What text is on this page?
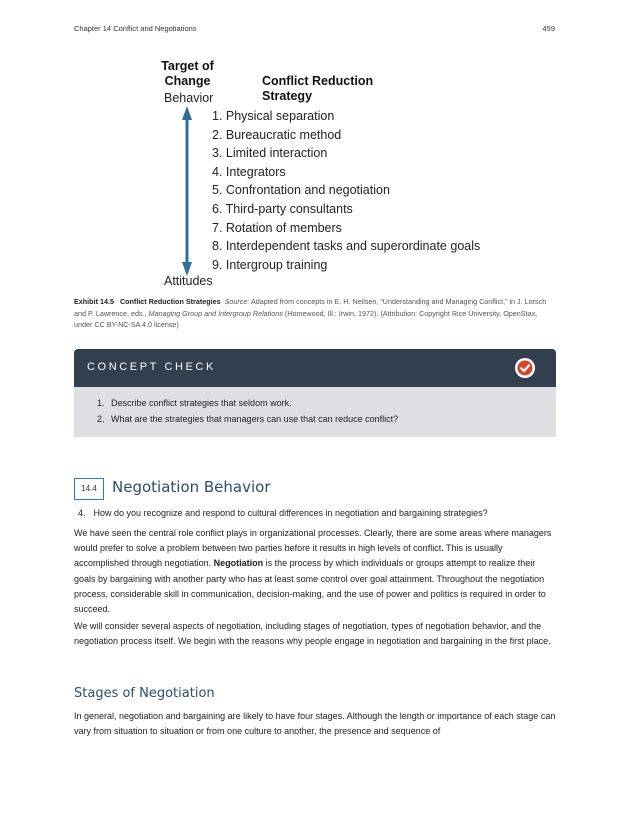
Chapter 14 Conflict and Negotiations	459
Target of
Change	Conflict Reduction Strategy
Behavior
1. Physical separation
2. Bureaucratic method
3. Limited interaction
4. Integrators
5. Confrontation and negotiation
6. Third-party consultants
7. Rotation of members
8. Interdependent tasks and superordinate goals
9. Intergroup training
Attitudes
Exhibit 14.5 Conflict Reduction Strategies Source: Adapted from concepts in E. H. Neilsen, “Understanding and Managing Conflict,” in J. Lorsch and P. Lawrence, eds., Managing Group and Intergroup Relations (Homewood, Ill.: Irwin, 1972). (Attribution: Copyright Rice University, OpenStax, under CC BY-NC-SA 4.0 license)
CONCEPT CHECK
1. Describe conflict strategies that seldom work.
2. What are the strategies that managers can use that can reduce conflict?
14.4	Negotiation Behavior
4. How do you recognize and respond to cultural differences in negotiation and bargaining strategies?

We have seen the central role conflict plays in organizational processes. Clearly, there are some areas where managers would prefer to solve a problem between two parties before it results in high levels of conflict. This is usually accomplished through negotiation. Negotiation is the process by which individuals or groups attempt to realize their goals by bargaining with another party who has at least some control over goal attainment. Throughout the negotiation process, considerable skill in communication, decision-making, and the use of power and politics is required in order to succeed.

We will consider several aspects of negotiation, including stages of negotiation, types of negotiation behavior, and the negotiation process itself. We begin with the reasons why people engage in negotiation and bargaining in the first place.

Stages of Negotiation

In general, negotiation and bargaining are likely to have four stages. Although the length or importance of each stage can vary from situation to situation or from one culture to another, the presence and sequence of
